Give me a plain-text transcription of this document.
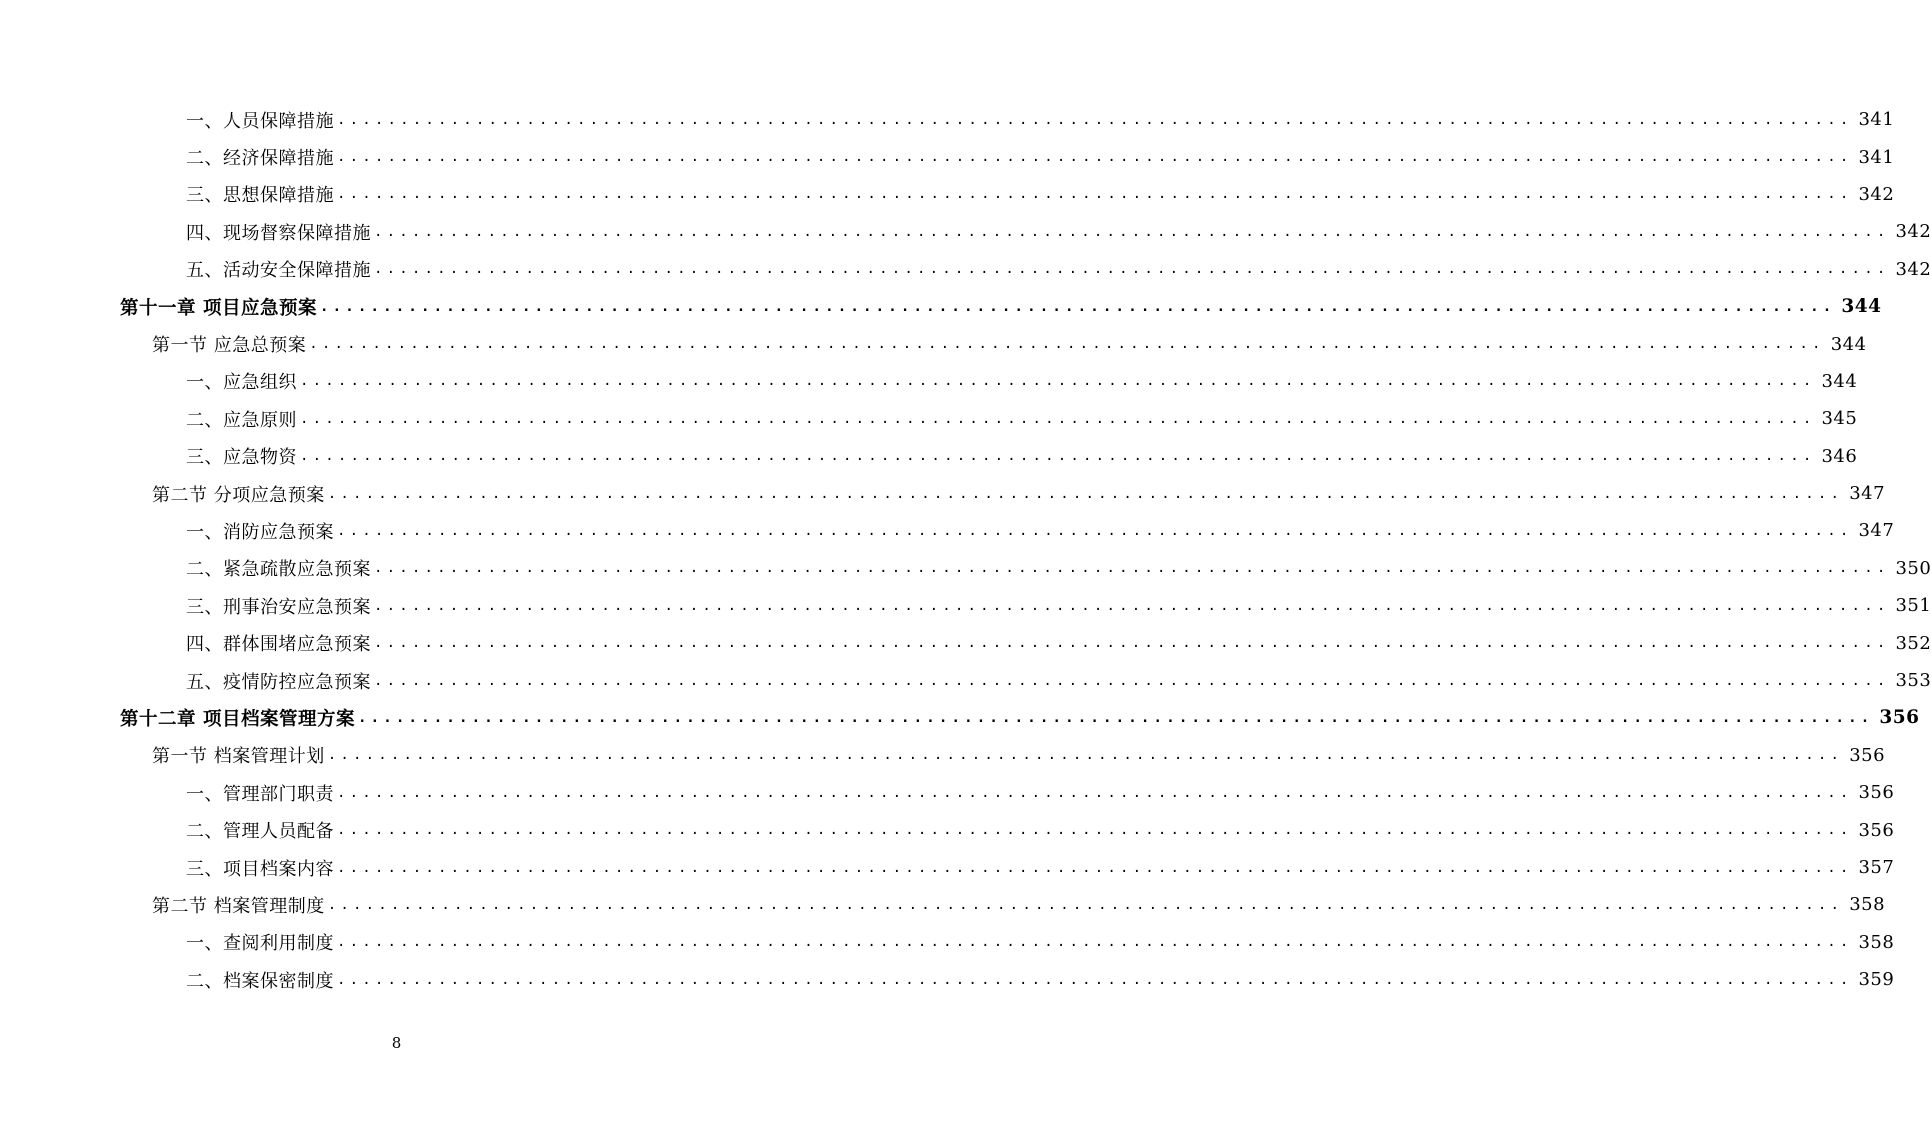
一、人员保障措施 ........................................................................................................................ 341
二、经济保障措施 ........................................................................................................................ 341
三、思想保障措施 ........................................................................................................................ 342
四、现场督察保障措施 ........................................................................................................................ 342
五、活动安全保障措施 ........................................................................................................................ 342
第十一章 项目应急预案 ........................................................................................................................ 344
第一节 应急总预案 ........................................................................................................................ 344
一、应急组织 ........................................................................................................................ 344
二、应急原则 ........................................................................................................................ 345
三、应急物资 ........................................................................................................................ 346
第二节 分项应急预案 ........................................................................................................................ 347
一、消防应急预案 ........................................................................................................................ 347
二、紧急疏散应急预案 ........................................................................................................................ 350
三、刑事治安应急预案 ........................................................................................................................ 351
四、群体围堵应急预案 ........................................................................................................................ 352
五、疫情防控应急预案 ........................................................................................................................ 353
第十二章 项目档案管理方案 ........................................................................................................................ 356
第一节 档案管理计划 ........................................................................................................................ 356
一、管理部门职责 ........................................................................................................................ 356
二、管理人员配备 ........................................................................................................................ 356
三、项目档案内容 ........................................................................................................................ 357
第二节 档案管理制度 ........................................................................................................................ 358
一、查阅利用制度 ........................................................................................................................ 358
二、档案保密制度 ........................................................................................................................ 359
8
